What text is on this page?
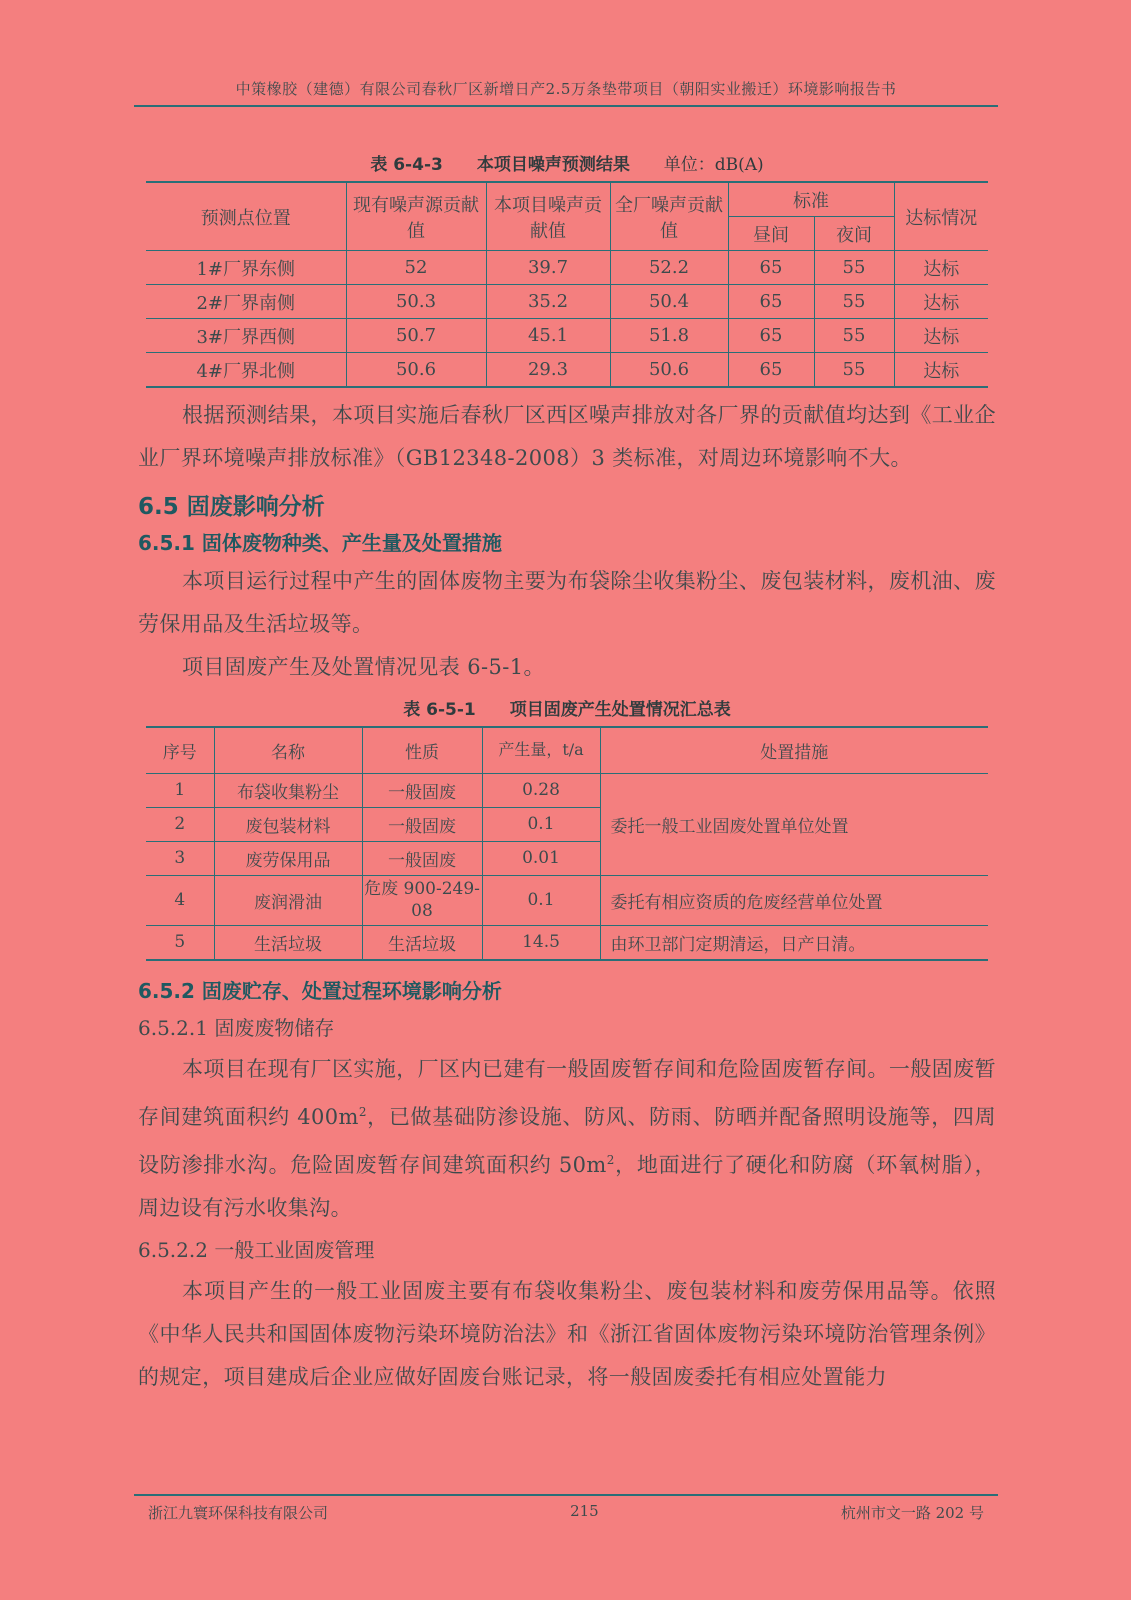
中策橡胶（建德）有限公司春秋厂区新增日产2.5万条垫带项目（朝阳实业搬迁）环境影响报告书
表 6-4-3　　本项目噪声预测结果 单位：dB(A)
预测点位置	现有噪声源贡献值	本项目噪声贡献值	全厂噪声贡献值	标准		达标情况
				昼间	夜间	
1#厂界东侧	52	39.7	52.2	65	55	达标
2#厂界南侧	50.3	35.2	50.4	65	55	达标
3#厂界西侧	50.7	45.1	51.8	65	55	达标
4#厂界北侧	50.6	29.3	50.6	65	55	达标

根据预测结果，本项目实施后春秋厂区西区噪声排放对各厂界的贡献值均达到《工业企业厂界环境噪声排放标准》（GB12348-2008）3 类标准，对周边环境影响不大。

6.5 固废影响分析
6.5.1 固体废物种类、产生量及处置措施

本项目运行过程中产生的固体废物主要为布袋除尘收集粉尘、废包装材料，废机油、废劳保用品及生活垃圾等。

项目固废产生及处置情况见表 6-5-1。

表 6-5-1　　项目固废产生处置情况汇总表
序号	名称	性质	产生量，t/a	处置措施
1	布袋收集粉尘	一般固废	0.28	委托一般工业固废处置单位处置
2	废包装材料	一般固废	0.1	
3	废劳保用品	一般固废	0.01	
4	废润滑油	危废 900-249-08	0.1	委托有相应资质的危废经营单位处置
5	生活垃圾	生活垃圾	14.5	由环卫部门定期清运，日产日清。
6.5.2 固废贮存、处置过程环境影响分析
6.5.2.1 固废废物储存

本项目在现有厂区实施，厂区内已建有一般固废暂存间和危险固废暂存间。一般固废暂存间建筑面积约 $400m^2$，已做基础防渗设施、防风、防雨、防晒并配备照明设施等，四周设防渗排水沟。危险固废暂存间建筑面积约 $50m^2$，地面进行了硬化和防腐（环氧树脂），周边设有污水收集沟。

6.5.2.2 一般工业固废管理

本项目产生的一般工业固废主要有布袋收集粉尘、废包装材料和废劳保用品等。依照《中华人民共和国固体废物污染环境防治法》和《浙江省固体废物污染环境防治管理条例》的规定，项目建成后企业应做好固废台账记录，将一般固废委托有相应处置能力

浙江九寰环保科技有限公司	215	杭州市文一路 202 号
